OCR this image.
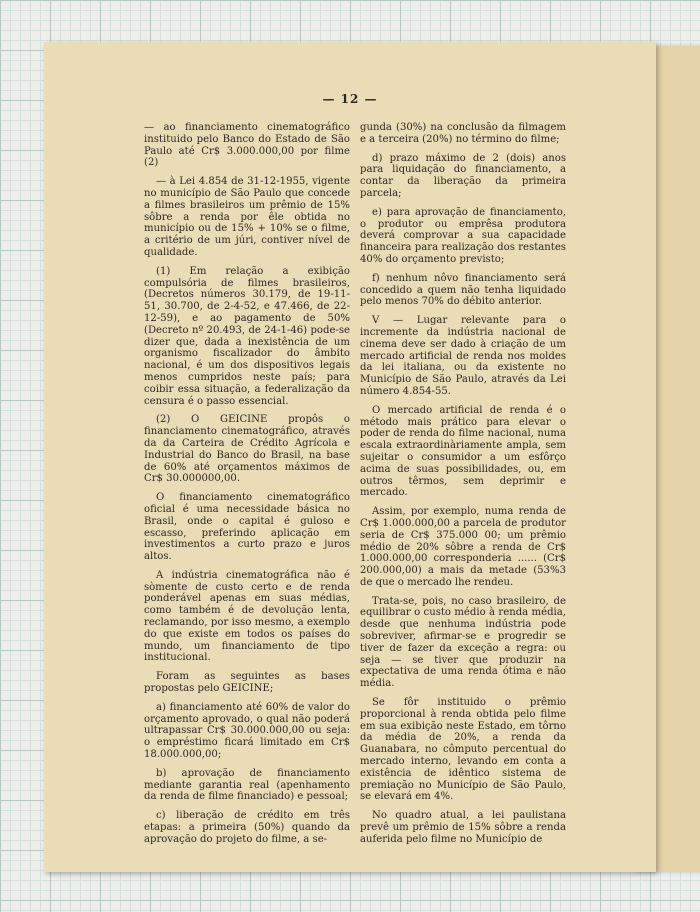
— 12 —

— ao financiamento cinematográfico instituido pelo Banco do Estado de São Paulo até Cr$ 3.000.000,00 por filme (2)

— à Lei 4.854 de 31-12-1955, vigente no município de São Paulo que concede a filmes brasileiros um prêmio de 15% sôbre a renda por êle obtida no município ou de 15% + 10% se o filme, a critério de um júri, contiver nível de qualidade.

(1) Em relação a exibição compulsória de filmes brasileiros, (Decretos números 30.179, de 19-11-51, 30.700, de 2-4-52, e 47.466, de 22-12-59), e ao pagamento de 50% (Decreto nº 20.493, de 24-1-46) pode-se dizer que, dada a inexistência de um organismo fiscalizador do âmbito nacional, é um dos dispositivos legais menos cumpridos neste país; para coibir essa situação, a federalização da censura é o passo essencial.

(2) O GEICINE propôs o financiamento cinematográfico, através da da Carteira de Crédito Agrícola e Industrial do Banco do Brasil, na base de 60% até orçamentos máximos de Cr$ 30.000000,00.

O financiamento cinematográfico oficial é uma necessidade básica no Brasil, onde o capital é guloso e escasso, preferindo aplicação em investimentos a curto prazo e juros altos.

A indústria cinematográfica não é sòmente de custo certo e de renda ponderável apenas em suas médias, como também é de devolução lenta, reclamando, por isso mesmo, a exemplo do que existe em todos os países do mundo, um financiamento de tipo institucional.

Foram as seguintes as bases propostas pelo GEICINE;

a) financiamento até 60% de valor do orçamento aprovado, o qual não poderá ultrapassar Cr$ 30.000.000,00 ou seja: o empréstimo ficará limitado em Cr$ 18.000.000,00;

b) aprovação de financiamento mediante garantia real (apenhamento da renda de filme financiado) e pessoal;

c) liberação de crédito em três etapas: a primeira (50%) quando da aprovação do projeto do filme, a se-

gunda (30%) na conclusão da filmagem e a terceira (20%) no término do filme;

d) prazo máximo de 2 (dois) anos para liquidação do financiamento, a contar da liberação da primeira parcela;

e) para aprovação de financiamento, o produtor ou emprêsa produtora deverá comprovar a sua capacidade financeira para realização dos restantes 40% do orçamento previsto;

f) nenhum nôvo financiamento será concedido a quem não tenha liquidado pelo menos 70% do débito anterior.

V — Lugar relevante para o incremente da indústria nacional de cinema deve ser dado à criação de um mercado artificial de renda nos moldes da lei italiana, ou da existente no Município de São Paulo, através da Lei número 4.854-55.

O mercado artificial de renda é o método mais prático para elevar o poder de renda do filme nacional, numa escala extraordinàriamente ampla, sem sujeitar o consumidor a um esfôrço acima de suas possibilidades, ou, em outros têrmos, sem deprimir e mercado.

Assim, por exemplo, numa renda de Cr$ 1.000.000,00 a parcela de produtor seria de Cr$ 375.000 00; um prêmio médio de 20% sôbre a renda de Cr$ 1.000.000,00 corresponderia ...... (Cr$ 200.000,00) a mais da metade (53%3 de que o mercado lhe rendeu.

Trata-se, pois, no caso brasileiro, de equilibrar o custo médio à renda média, desde que nenhuma indústria pode sobreviver, afirmar-se e progredir se tiver de fazer da exceção a regra: ou seja — se tiver que produzir na expectativa de uma renda ótima e não média.

Se fôr instituido o prêmio proporcional à renda obtida pelo filme em sua exibição neste Estado, em tôrno da média de 20%, a renda da Guanabara, no cômputo percentual do mercado interno, levando em conta a existência de idêntico sistema de premiação no Município de São Paulo, se elevará em 4%.

No quadro atual, a lei paulistana prevê um prêmio de 15% sôbre a renda auferida pelo filme no Município de
